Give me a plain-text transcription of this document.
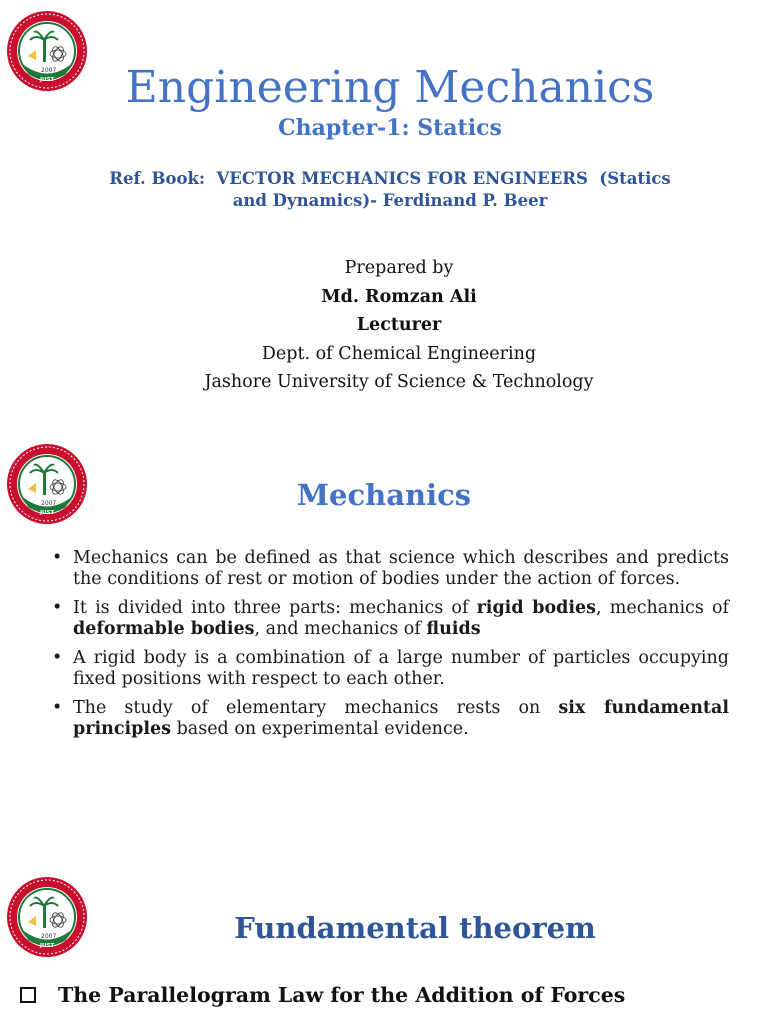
2007
JUST	Engineering Mechanics
Chapter-1: Statics
Ref. Book:  VECTOR MECHANICS FOR ENGINEERS  (Statics
and Dynamics)- Ferdinand P. Beer
Prepared by
Md. Romzan Ali
Lecturer
Dept. of Chemical Engineering
Jashore University of Science & Technology
2007
JUST
Mechanics
• Mechanics can be defined as that science which describes and predicts the conditions of rest or motion of bodies under the action of forces.
• It is divided into three parts: mechanics of rigid bodies, mechanics of deformable bodies, and mechanics of fluids
• A rigid body is a combination of a large number of particles occupying fixed positions with respect to each other.
• The study of elementary mechanics rests on six fundamental principles based on experimental evidence.
2007
JUST
Fundamental theorem
The Parallelogram Law for the Addition of Forces
